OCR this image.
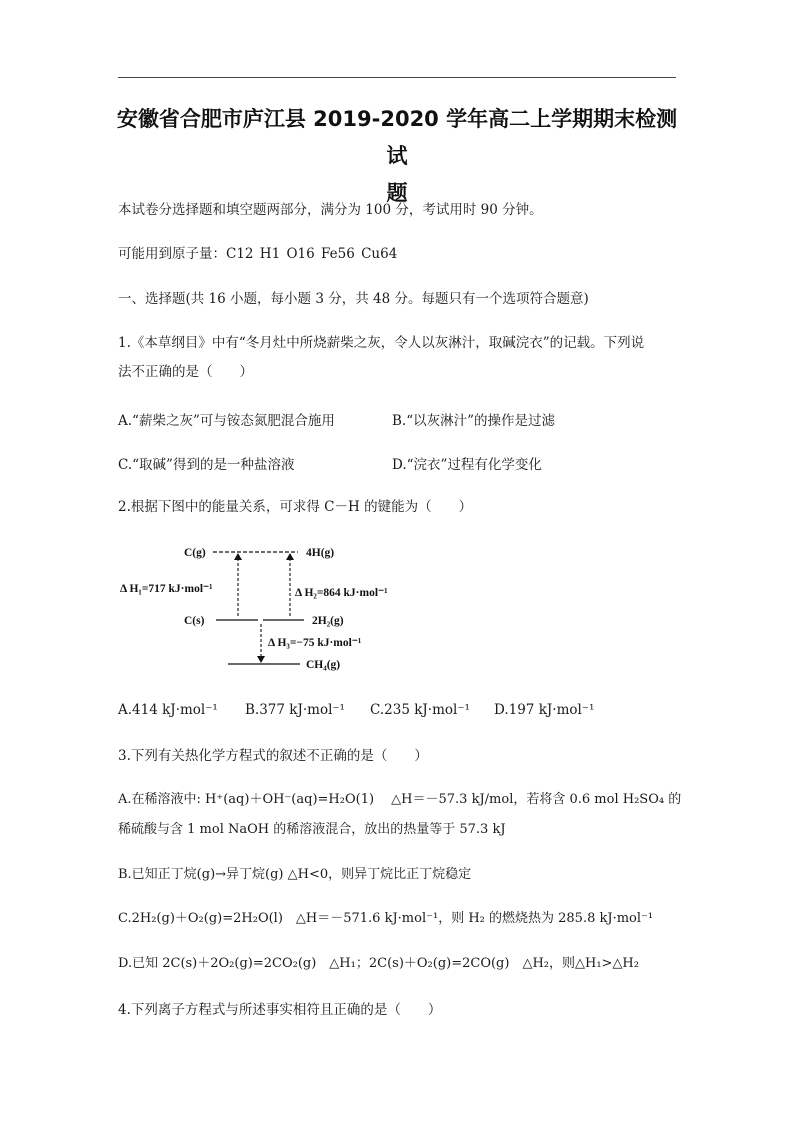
安徽省合肥市庐江县 2019-2020 学年高二上学期期末检测试
题
本试卷分选择题和填空题两部分，满分为 100 分，考试用时 90 分钟。
可能用到原子量：C12 H1 O16 Fe56 Cu64
一、选择题(共 16 小题，每小题 3 分，共 48 分。每题只有一个选项符合题意)
1.《本草纲目》中有“冬月灶中所烧薪柴之灰，令人以灰淋汁，取碱浣衣”的记载。下列说
法不正确的是（　　）
A.“薪柴之灰”可与铵态氮肥混合施用	B.“以灰淋汁”的操作是过滤
C.“取碱”得到的是一种盐溶液	D.“浣衣”过程有化学变化
2.根据下图中的能量关系，可求得 C－H 的键能为（　　）
C(g)	4H(g)
C(s)	2H₂(g)
CH₄(g)
Δ H₁=717 kJ·mol⁻¹	Δ H₂=864 kJ·mol⁻¹
Δ H₃=−75 kJ·mol⁻¹
A.414 kJ·mol⁻¹ B.377 kJ·mol⁻¹ C.235 kJ·mol⁻¹ D.197 kJ·mol⁻¹
3.下列有关热化学方程式的叙述不正确的是（　　）
A.在稀溶液中: H⁺(aq)＋OH⁻(aq)=H₂O(1)　 △H＝－57.3 kJ/mol，若将含 0.6 mol H₂SO₄ 的
稀硫酸与含 1 mol NaOH 的稀溶液混合，放出的热量等于 57.3 kJ
B.已知正丁烷(g)→异丁烷(g) △H<0，则异丁烷比正丁烷稳定
C.2H₂(g)＋O₂(g)=2H₂O(l)　△H＝－571.6 kJ·mol⁻¹，则 H₂ 的燃烧热为 285.8 kJ·mol⁻¹
D.已知 2C(s)＋2O₂(g)=2CO₂(g)　△H₁；2C(s)＋O₂(g)=2CO(g)　△H₂，则△H₁>△H₂
4.下列离子方程式与所述事实相符且正确的是（　　）
